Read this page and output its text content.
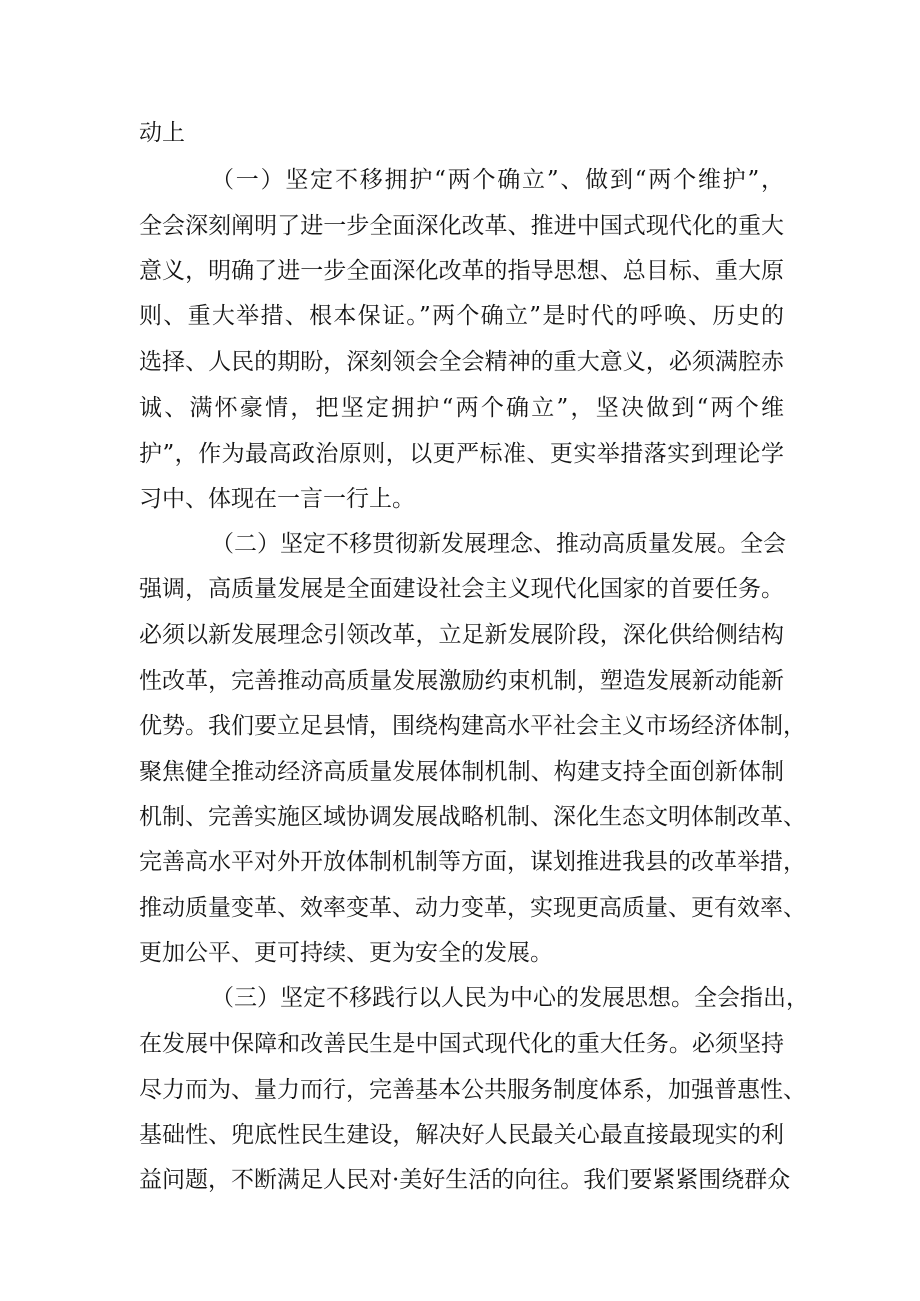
动上
（一）坚定不移拥护“两个确立”、做到“两个维护”，
全会深刻阐明了进一步全面深化改革、推进中国式现代化的重大
意义，明确了进一步全面深化改革的指导思想、总目标、重大原
则、重大举措、根本保证。”两个确立”是时代的呼唤、历史的
选择、人民的期盼，深刻领会全会精神的重大意义，必须满腔赤
诚、满怀豪情，把坚定拥护“两个确立”，坚决做到“两个维
护”，作为最高政治原则，以更严标准、更实举措落实到理论学
习中、体现在一言一行上。
（二）坚定不移贯彻新发展理念、推动高质量发展。全会
强调，高质量发展是全面建设社会主义现代化国家的首要任务。
必须以新发展理念引领改革，立足新发展阶段，深化供给侧结构
性改革，完善推动高质量发展激励约束机制，塑造发展新动能新
优势。我们要立足县情，围绕构建高水平社会主义市场经济体制，
聚焦健全推动经济高质量发展体制机制、构建支持全面创新体制
机制、完善实施区域协调发展战略机制、深化生态文明体制改革、
完善高水平对外开放体制机制等方面，谋划推进我县的改革举措，
推动质量变革、效率变革、动力变革，实现更高质量、更有效率、
更加公平、更可持续、更为安全的发展。
（三）坚定不移践行以人民为中心的发展思想。全会指出，
在发展中保障和改善民生是中国式现代化的重大任务。必须坚持
尽力而为、量力而行，完善基本公共服务制度体系，加强普惠性、
基础性、兜底性民生建设，解决好人民最关心最直接最现实的利
益问题，不断满足人民对·美好生活的向往。我们要紧紧围绕群众
